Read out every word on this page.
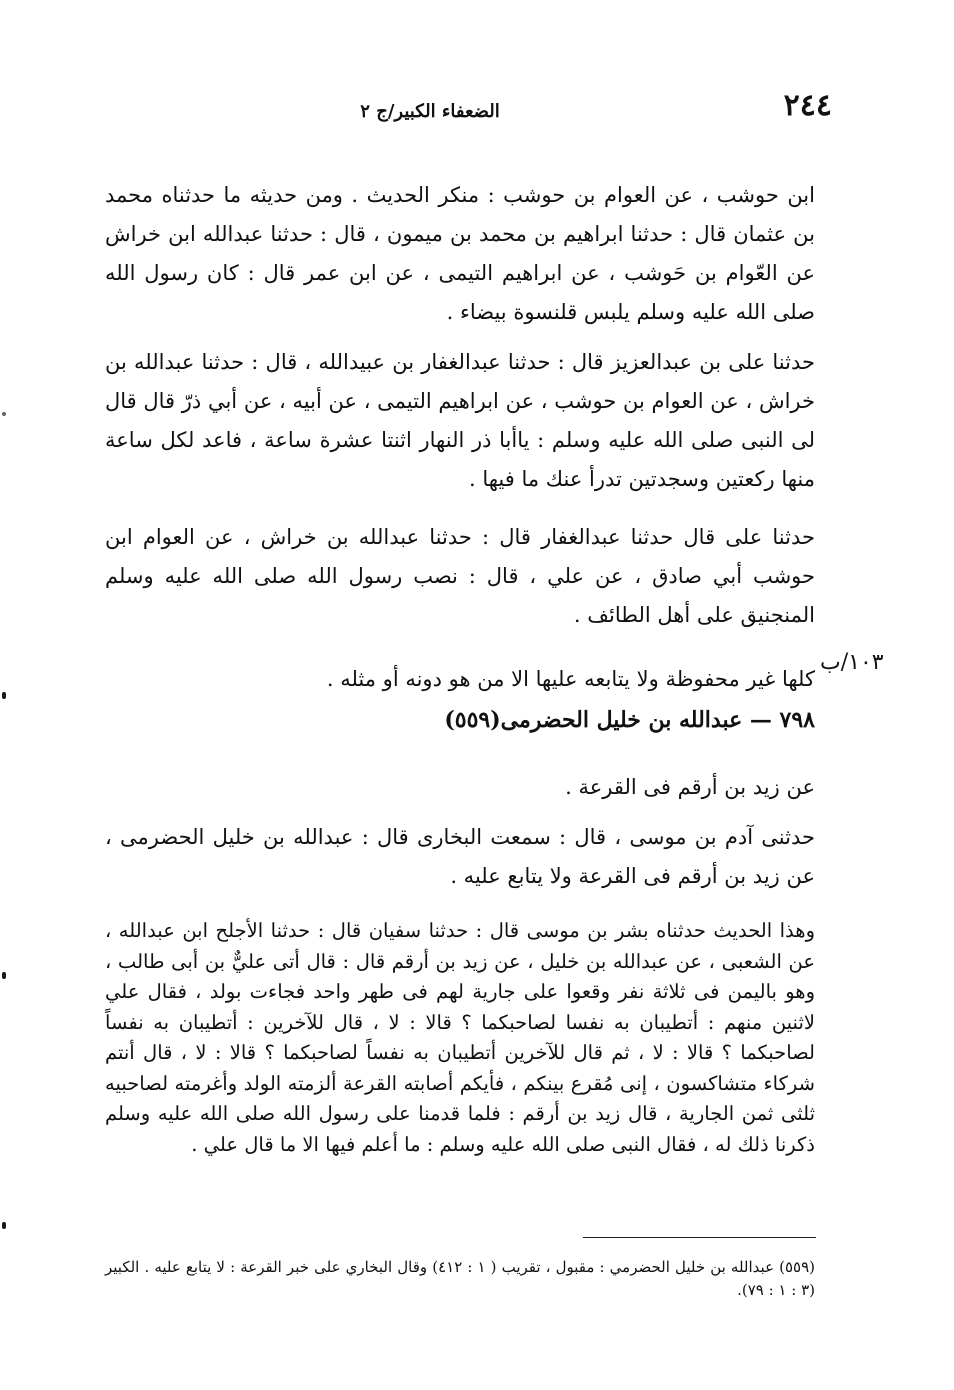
٢٤٤
الضعفاء الكبير/ج ٢

ابن حوشب ، عن العوام بن حوشب : منكر الحديث . ومن حديثه ما حدثناه محمد بن عثمان قال : حدثنا ابراهيم بن محمد بن ميمون ، قال : حدثنا عبدالله ابن خراش عن العّوام بن حَوشب ، عن ابراهيم التيمى ، عن ابن عمر قال : كان رسول الله صلى الله عليه وسلم يلبس قلنسوة بيضاء .

حدثنا على بن عبدالعزيز قال : حدثنا عبدالغفار بن عبيدالله ، قال : حدثنا عبدالله بن خراش ، عن العوام بن حوشب ، عن ابراهيم التيمى ، عن أبيه ، عن أبي ذرّ قال قال لى النبى صلى الله عليه وسلم : ياأبا ذر النهار اثنتا عشرة ساعة ، فاعد لكل ساعة منها ركعتين وسجدتين تدرأ عنك ما فيها .

حدثنا على قال حدثنا عبدالغفار قال : حدثنا عبدالله بن خراش ، عن العوام ابن حوشب أبي صادق ، عن علي ، قال : نصب رسول الله صلى الله عليه وسلم المنجنيق على أهل الطائف .

١٠٣/ب

كلها غير محفوظة ولا يتابعه عليها الا من هو دونه أو مثله .

٧٩٨ — عبدالله بن خليل الحضرمى(٥٥٩)

عن زيد بن أرقم فى القرعة .

حدثنى آدم بن موسى ، قال : سمعت البخارى قال : عبدالله بن خليل الحضرمى ، عن زيد بن أرقم فى القرعة ولا يتابع عليه .

وهذا الحديث حدثناه بشر بن موسى قال : حدثنا سفيان قال : حدثنا الأجلح ابن عبدالله ، عن الشعبى ، عن عبدالله بن خليل ، عن زيد بن أرقم قال : قال أتى عليٌّ بن أبى طالب ، وهو باليمن فى ثلاثة نفر وقعوا على جارية لهم فى طهر واحد فجاءت بولد ، فقال علي لاثنين منهم : أتطيبان به نفسا لصاحبكما ؟ قالا : لا ، قال للآخرين : أتطيبان به نفساً لصاحبكما ؟ قالا : لا ، ثم قال للآخرين أتطيبان به نفساً لصاحبكما ؟ قالا : لا ، قال أنتم شركاء متشاكسون ، إنى مُقرع بينكم ، فأيكم أصابته القرعة ألزمته الولد وأغرمته لصاحبيه ثلثى ثمن الجارية ، قال زيد بن أرقم : فلما قدمنا على رسول الله صلى الله عليه وسلم ذكرنا ذلك له ، فقال النبى صلى الله عليه وسلم : ما أعلم فيها الا ما قال علي .

(٥٥٩) عبدالله بن خليل الحضرمي : مقبول ، تقريب ( ١ : ٤١٢) وقال البخاري على خبر القرعة : لا يتابع عليه . الكبير (٣ : ١ : ٧٩).
